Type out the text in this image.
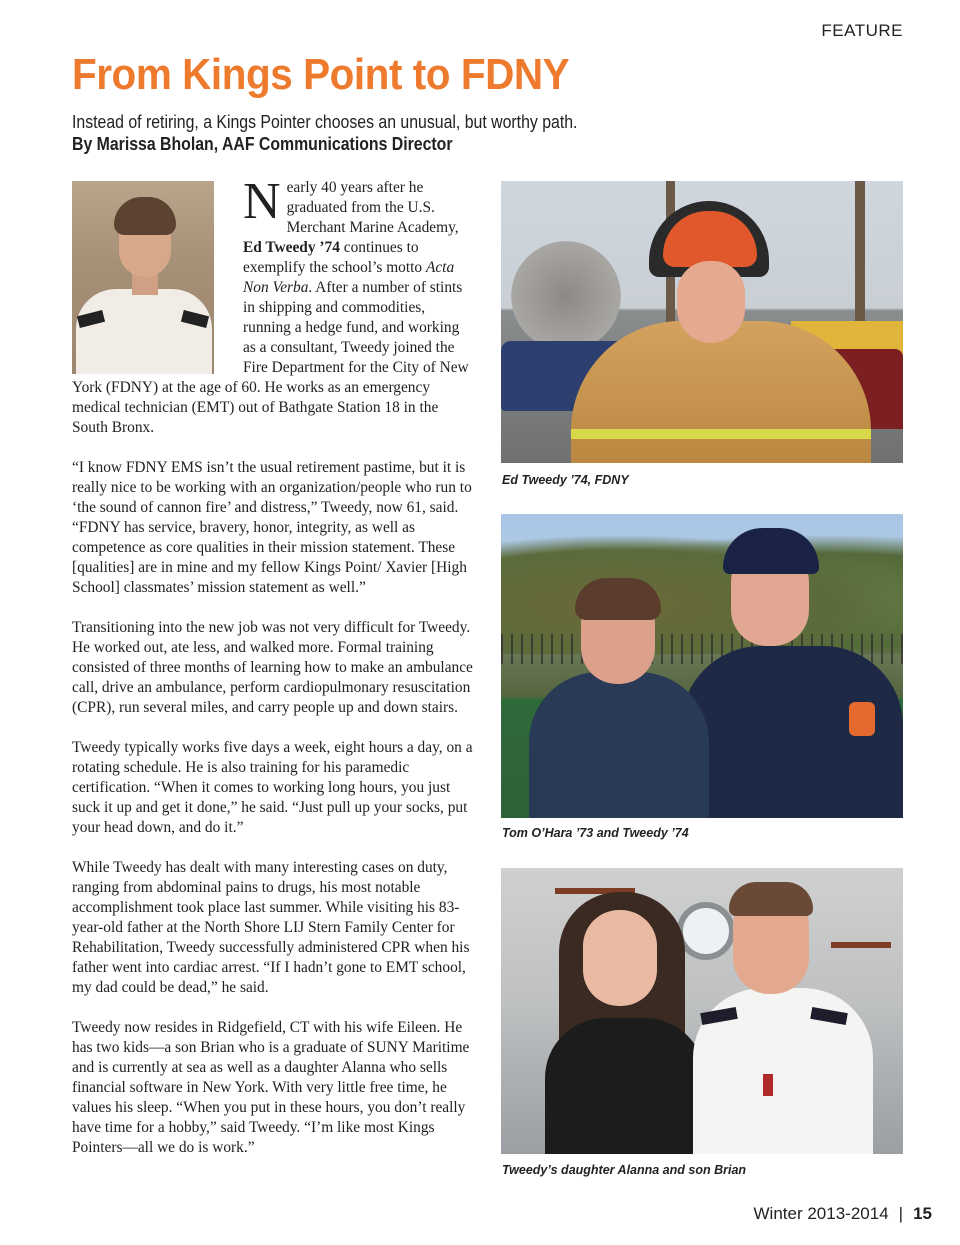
FEATURE
From Kings Point to FDNY
Instead of retiring, a Kings Pointer chooses an unusual, but worthy path.
By Marissa Bholan, AAF Communications Director

Nearly 40 years after he graduated from the U.S. Merchant Marine Academy, Ed Tweedy ’74 continues to exemplify the school’s motto Acta Non Verba. After a number of stints in shipping and commodities, running a hedge fund, and working as a consultant, Tweedy joined the Fire Department for the City of New York (FDNY) at the age of 60. He works as an emergency medical technician (EMT) out of Bathgate Station 18 in the South Bronx.

“I know FDNY EMS isn’t the usual retirement pastime, but it is really nice to be working with an organization/people who run to ‘the sound of cannon fire’ and distress,” Tweedy, now 61, said. “FDNY has service, bravery, honor, integrity, as well as competence as core qualities in their mission statement. These [qualities] are in mine and my fellow Kings Point/ Xavier [High School] classmates’ mission statement as well.”

Transitioning into the new job was not very difficult for Tweedy. He worked out, ate less, and walked more. Formal training consisted of three months of learning how to make an ambulance call, drive an ambulance, perform cardiopulmonary resuscitation (CPR), run several miles, and carry people up and down stairs.

Tweedy typically works five days a week, eight hours a day, on a rotating schedule. He is also training for his paramedic certification. “When it comes to working long hours, you just suck it up and get it done,” he said. “Just pull up your socks, put your head down, and do it.”

While Tweedy has dealt with many interesting cases on duty, ranging from abdominal pains to drugs, his most notable accomplishment took place last summer. While visiting his 83-year-old father at the North Shore LIJ Stern Family Center for Rehabilitation, Tweedy successfully administered CPR when his father went into cardiac arrest. “If I hadn’t gone to EMT school, my dad could be dead,” he said.

Tweedy now resides in Ridgefield, CT with his wife Eileen. He has two kids—a son Brian who is a graduate of SUNY Maritime and is currently at sea as well as a daughter Alanna who sells financial software in New York. With very little free time, he values his sleep. “When you put in these hours, you don’t really have time for a hobby,” said Tweedy. “I’m like most Kings Pointers—all we do is work.”

Ed Tweedy ’74, FDNY
Tom O’Hara ’73 and Tweedy ’74
Tweedy’s daughter Alanna and son Brian
Winter 2013-2014 | 15
